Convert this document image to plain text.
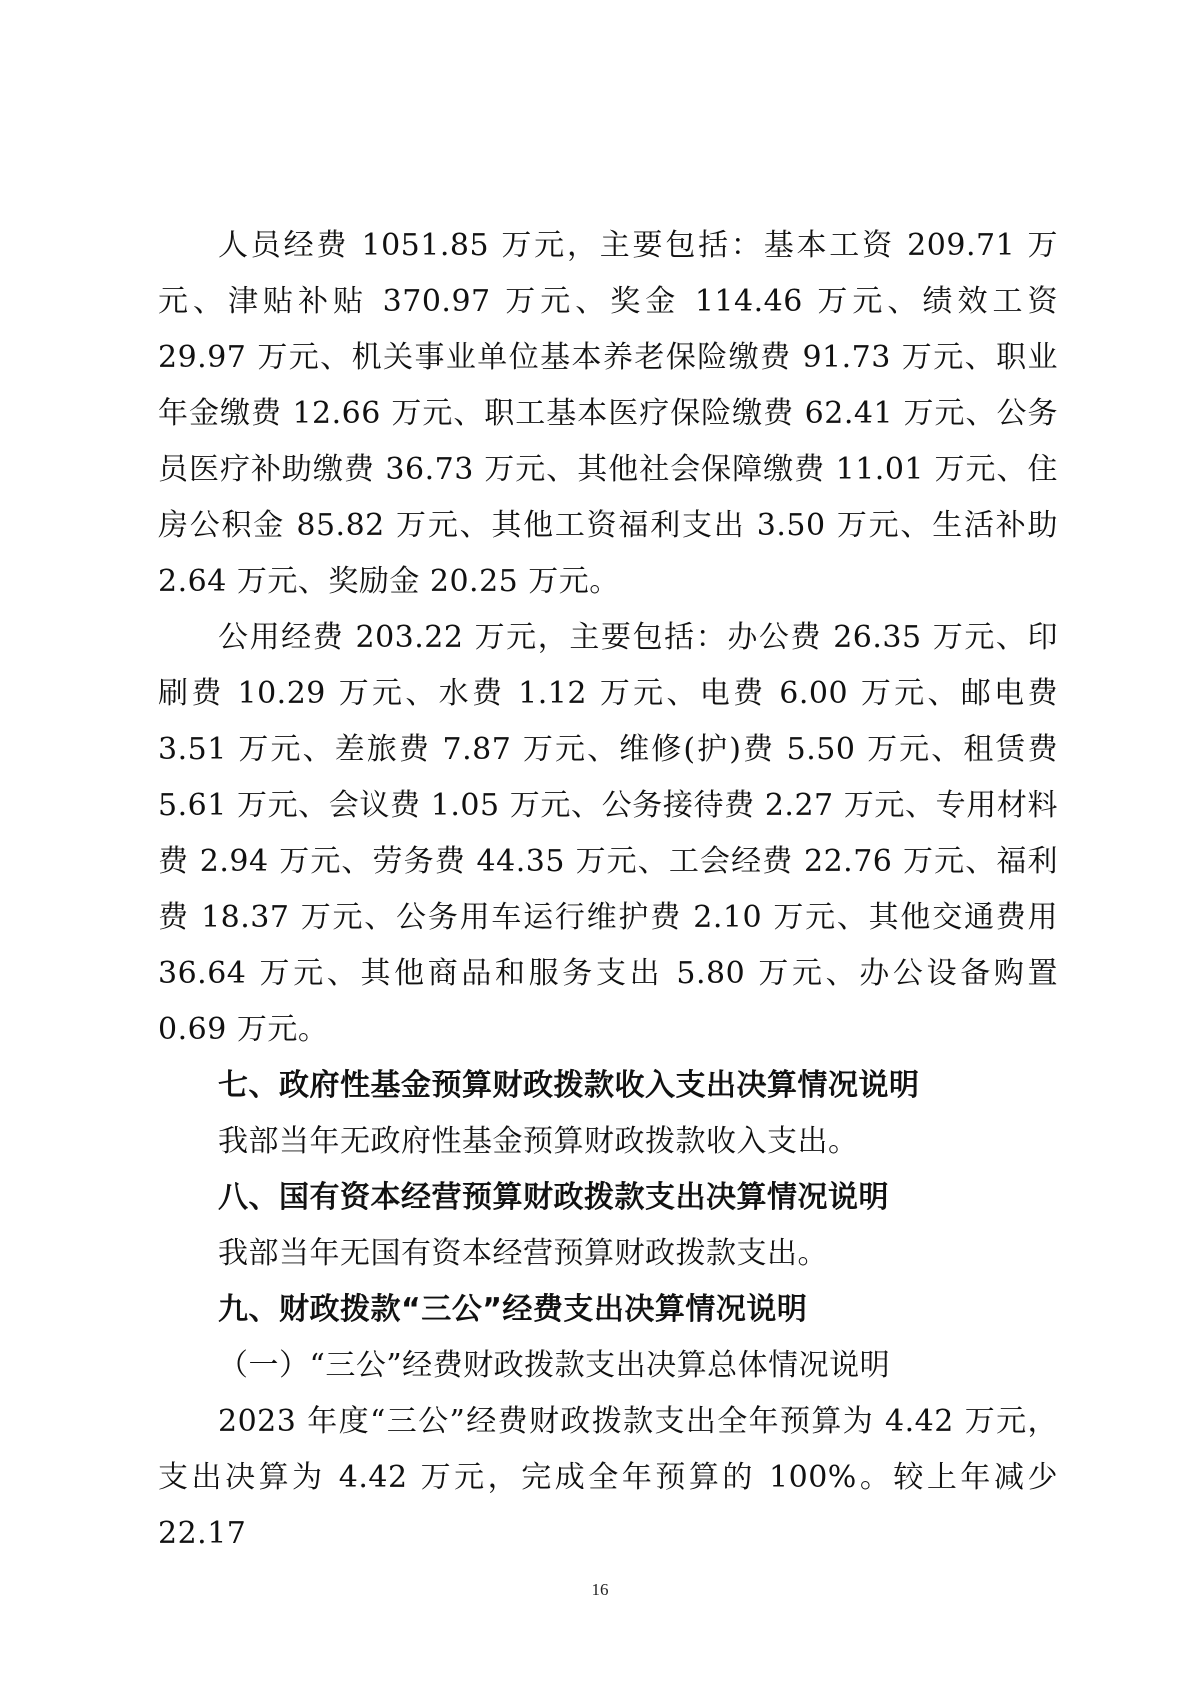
人员经费 1051.85 万元，主要包括：基本工资 209.71 万元、津贴补贴 370.97 万元、奖金 114.46 万元、绩效工资 29.97 万元、机关事业单位基本养老保险缴费 91.73 万元、职业年金缴费 12.66 万元、职工基本医疗保险缴费 62.41 万元、公务员医疗补助缴费 36.73 万元、其他社会保障缴费 11.01 万元、住房公积金 85.82 万元、其他工资福利支出 3.50 万元、生活补助 2.64 万元、奖励金 20.25 万元。

公用经费 203.22 万元，主要包括：办公费 26.35 万元、印刷费 10.29 万元、水费 1.12 万元、电费 6.00 万元、邮电费 3.51 万元、差旅费 7.87 万元、维修(护)费 5.50 万元、租赁费 5.61 万元、会议费 1.05 万元、公务接待费 2.27 万元、专用材料费 2.94 万元、劳务费 44.35 万元、工会经费 22.76 万元、福利费 18.37 万元、公务用车运行维护费 2.10 万元、其他交通费用 36.64 万元、其他商品和服务支出 5.80 万元、办公设备购置 0.69 万元。

七、政府性基金预算财政拨款收入支出决算情况说明

我部当年无政府性基金预算财政拨款收入支出。

八、国有资本经营预算财政拨款支出决算情况说明

我部当年无国有资本经营预算财政拨款支出。

九、财政拨款“三公”经费支出决算情况说明

（一）“三公”经费财政拨款支出决算总体情况说明

2023 年度“三公”经费财政拨款支出全年预算为 4.42 万元，支出决算为 4.42 万元，完成全年预算的 100%。较上年减少 22.17

16
